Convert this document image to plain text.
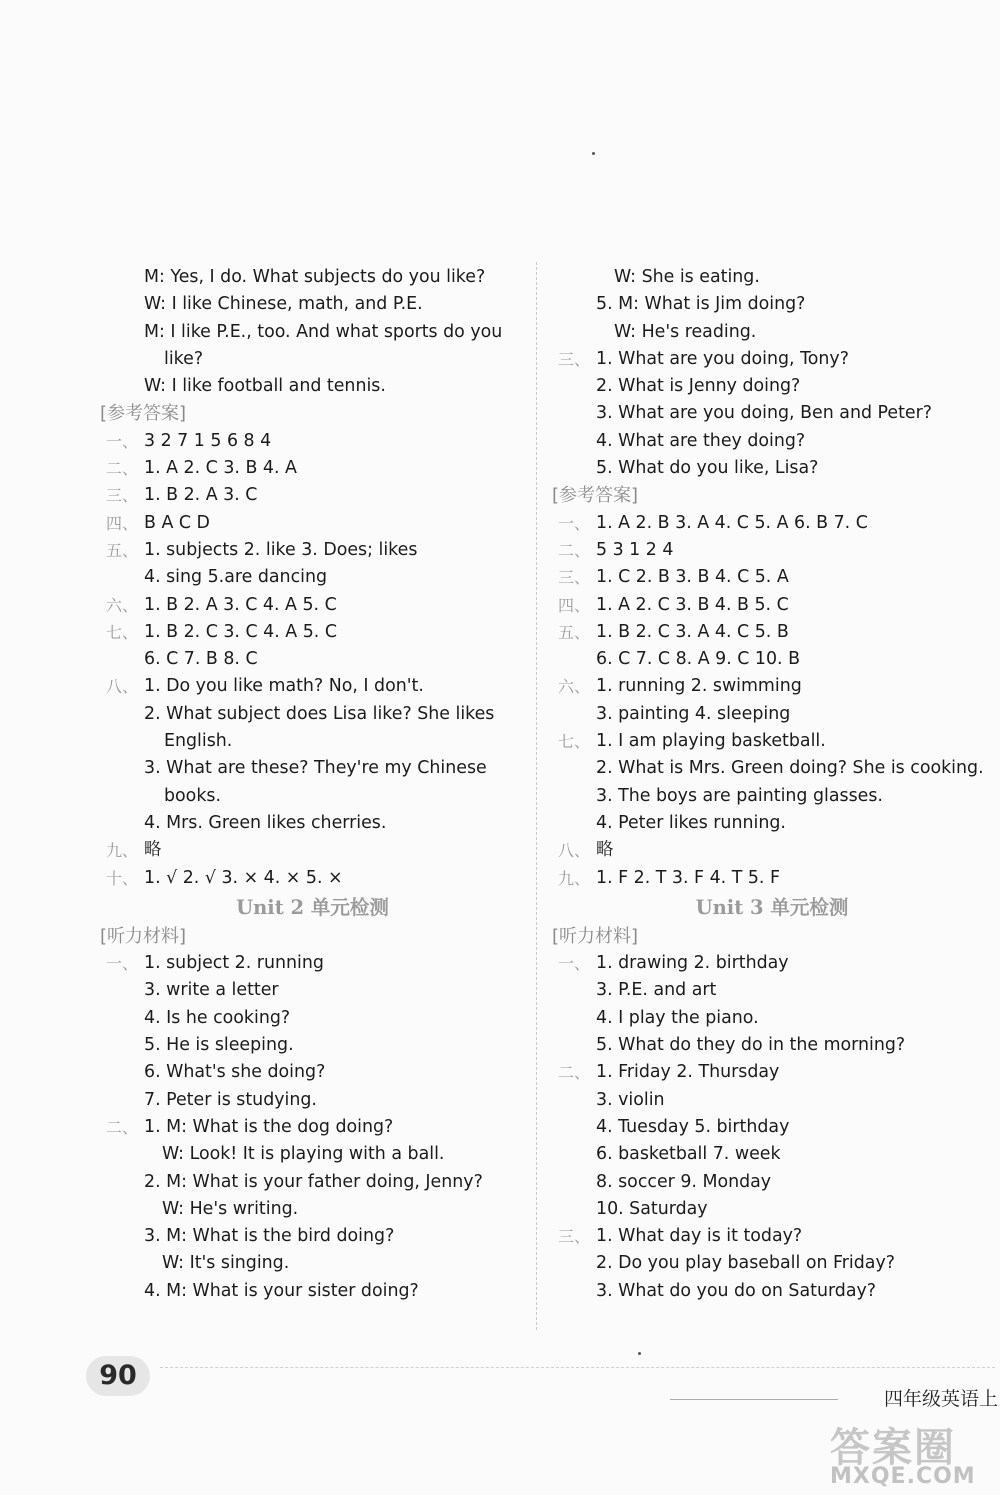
M: Yes, I do. What subjects do you like?
W: I like Chinese, math, and P.E.
M: I like P.E., too. And what sports do you
like?
W: I like football and tennis.
[参考答案]
一、 3 2 7 1 5 6 8 4
二、 1. A 2. C 3. B 4. A
三、 1. B 2. A 3. C
四、 B A C D
五、 1. subjects 2. like 3. Does; likes
4. sing 5.are dancing
六、 1. B 2. A 3. C 4. A 5. C
七、 1. B 2. C 3. C 4. A 5. C
6. C 7. B 8. C
八、 1. Do you like math? No, I don't.
2. What subject does Lisa like? She likes
English.
3. What are these? They're my Chinese
books.
4. Mrs. Green likes cherries.
九、 略
十、 1. √ 2. √ 3. × 4. × 5. ×
Unit 2 单元检测
[听力材料]
一、 1. subject 2. running
3. write a letter
4. Is he cooking?
5. He is sleeping.
6. What's she doing?
7. Peter is studying.
二、 1. M: What is the dog doing?
W: Look! It is playing with a ball.
2. M: What is your father doing, Jenny?
W: He's writing.
3. M: What is the bird doing?
W: It's singing.
4. M: What is your sister doing?
W: She is eating.
5. M: What is Jim doing?
W: He's reading.
三、 1. What are you doing, Tony?
2. What is Jenny doing?
3. What are you doing, Ben and Peter?
4. What are they doing?
5. What do you like, Lisa?
[参考答案]
一、 1. A 2. B 3. A 4. C 5. A 6. B 7. C
二、 5 3 1 2 4
三、 1. C 2. B 3. B 4. C 5. A
四、 1. A 2. C 3. B 4. B 5. C
五、 1. B 2. C 3. A 4. C 5. B
6. C 7. C 8. A 9. C 10. B
六、 1. running 2. swimming
3. painting 4. sleeping
七、 1. I am playing basketball.
2. What is Mrs. Green doing? She is cooking.
3. The boys are painting glasses.
4. Peter likes running.
八、 略
九、 1. F 2. T 3. F 4. T 5. F
Unit 3 单元检测
[听力材料]
一、 1. drawing 2. birthday
3. P.E. and art
4. I play the piano.
5. What do they do in the morning?
二、 1. Friday 2. Thursday
3. violin
4. Tuesday 5. birthday
6. basketball 7. week
8. soccer 9. Monday
10. Saturday
三、 1. What day is it today?
2. Do you play baseball on Friday?
3. What do you do on Saturday?
90
四年级英语上
答案圈
MXQE.COM
